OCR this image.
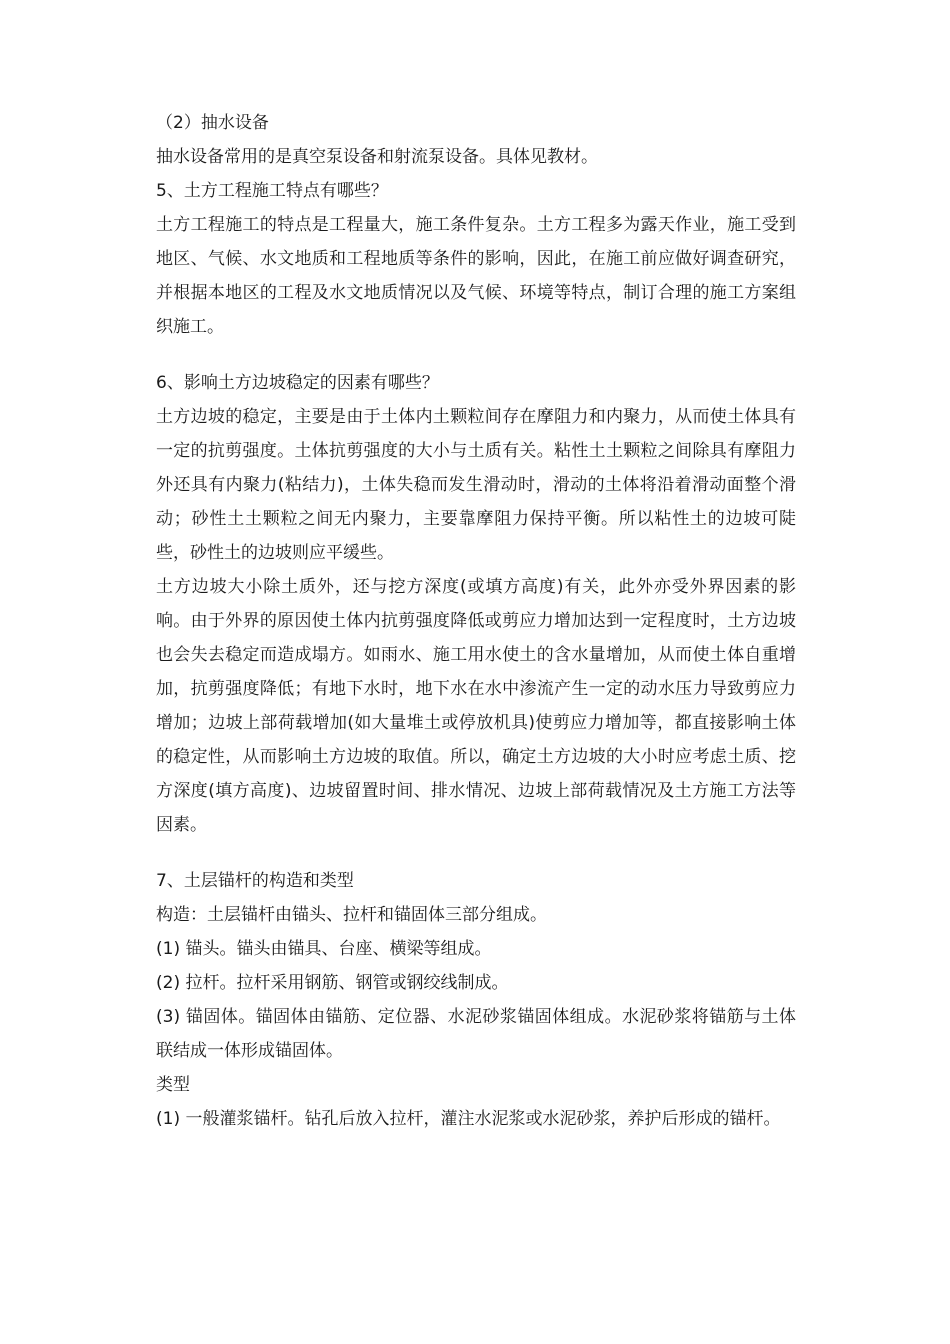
（2）抽水设备

抽水设备常用的是真空泵设备和射流泵设备。具体见教材。

5、土方工程施工特点有哪些？

土方工程施工的特点是工程量大，施工条件复杂。土方工程多为露天作业，施工受到地区、气候、水文地质和工程地质等条件的影响，因此，在施工前应做好调查研究，并根据本地区的工程及水文地质情况以及气候、环境等特点，制订合理的施工方案组织施工。

6、影响土方边坡稳定的因素有哪些？

土方边坡的稳定，主要是由于土体内土颗粒间存在摩阻力和内聚力，从而使土体具有一定的抗剪强度。土体抗剪强度的大小与土质有关。粘性土土颗粒之间除具有摩阻力外还具有内聚力(粘结力)，土体失稳而发生滑动时，滑动的土体将沿着滑动面整个滑动；砂性土土颗粒之间无内聚力，主要靠摩阻力保持平衡。所以粘性土的边坡可陡些，砂性土的边坡则应平缓些。

土方边坡大小除土质外，还与挖方深度(或填方高度)有关，此外亦受外界因素的影响。由于外界的原因使土体内抗剪强度降低或剪应力增加达到一定程度时，土方边坡也会失去稳定而造成塌方。如雨水、施工用水使土的含水量增加，从而使土体自重增加，抗剪强度降低；有地下水时，地下水在水中渗流产生一定的动水压力导致剪应力增加；边坡上部荷载增加(如大量堆土或停放机具)使剪应力增加等，都直接影响土体的稳定性，从而影响土方边坡的取值。所以，确定土方边坡的大小时应考虑土质、挖方深度(填方高度)、边坡留置时间、排水情况、边坡上部荷载情况及土方施工方法等因素。

7、土层锚杆的构造和类型

构造：土层锚杆由锚头、拉杆和锚固体三部分组成。

(1) 锚头。锚头由锚具、台座、横梁等组成。

(2) 拉杆。拉杆采用钢筋、钢管或钢绞线制成。

(3) 锚固体。锚固体由锚筋、定位器、水泥砂浆锚固体组成。水泥砂浆将锚筋与土体联结成一体形成锚固体。

类型

(1) 一般灌浆锚杆。钻孔后放入拉杆，灌注水泥浆或水泥砂浆，养护后形成的锚杆。
